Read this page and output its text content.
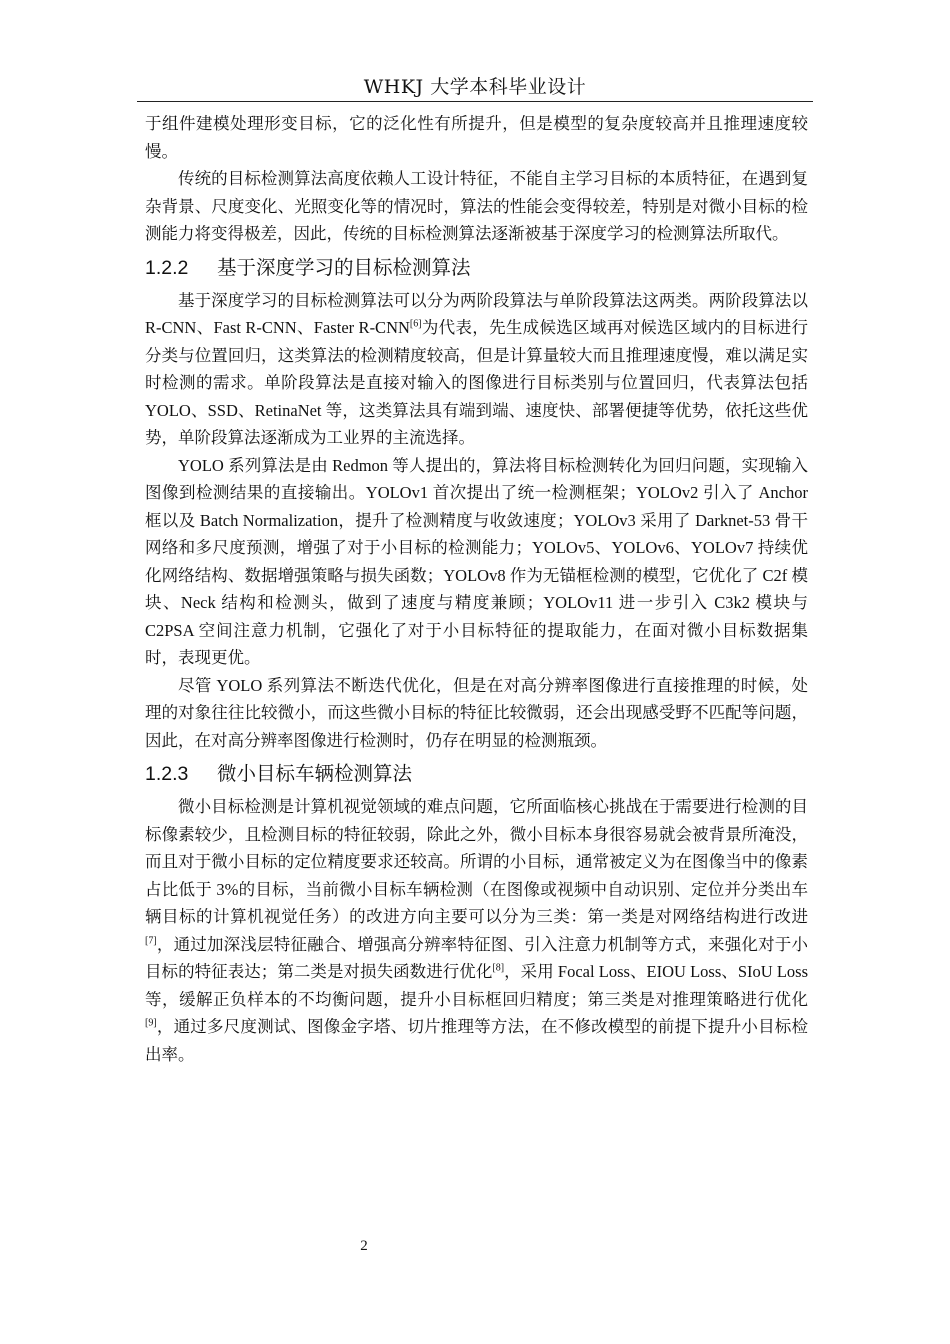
WHKJ 大学本科毕业设计

于组件建模处理形变目标，它的泛化性有所提升，但是模型的复杂度较高并且推理速度较慢。

传统的目标检测算法高度依赖人工设计特征，不能自主学习目标的本质特征，在遇到复杂背景、尺度变化、光照变化等的情况时，算法的性能会变得较差，特别是对微小目标的检测能力将变得极差，因此，传统的目标检测算法逐渐被基于深度学习的检测算法所取代。

1.2.2 基于深度学习的目标检测算法

基于深度学习的目标检测算法可以分为两阶段算法与单阶段算法这两类。两阶段算法以 R-CNN、Fast R-CNN、Faster R-CNN[6]为代表，先生成候选区域再对候选区域内的目标进行分类与位置回归，这类算法的检测精度较高，但是计算量较大而且推理速度慢，难以满足实时检测的需求。单阶段算法是直接对输入的图像进行目标类别与位置回归，代表算法包括 YOLO、SSD、RetinaNet 等，这类算法具有端到端、速度快、部署便捷等优势，依托这些优势，单阶段算法逐渐成为工业界的主流选择。

YOLO 系列算法是由 Redmon 等人提出的，算法将目标检测转化为回归问题，实现输入图像到检测结果的直接输出。YOLOv1 首次提出了统一检测框架；YOLOv2 引入了 Anchor 框以及 Batch Normalization，提升了检测精度与收敛速度；YOLOv3 采用了 Darknet-53 骨干网络和多尺度预测，增强了对于小目标的检测能力；YOLOv5、YOLOv6、YOLOv7 持续优化网络结构、数据增强策略与损失函数；YOLOv8 作为无锚框检测的模型，它优化了 C2f 模块、Neck 结构和检测头，做到了速度与精度兼顾；YOLOv11 进一步引入 C3k2 模块与 C2PSA 空间注意力机制，它强化了对于小目标特征的提取能力，在面对微小目标数据集时，表现更优。

尽管 YOLO 系列算法不断迭代优化，但是在对高分辨率图像进行直接推理的时候，处理的对象往往比较微小，而这些微小目标的特征比较微弱，还会出现感受野不匹配等问题，因此，在对高分辨率图像进行检测时，仍存在明显的检测瓶颈。

1.2.3 微小目标车辆检测算法

微小目标检测是计算机视觉领域的难点问题，它所面临核心挑战在于需要进行检测的目标像素较少，且检测目标的特征较弱，除此之外，微小目标本身很容易就会被背景所淹没，而且对于微小目标的定位精度要求还较高。所谓的小目标，通常被定义为在图像当中的像素占比低于 3%的目标，当前微小目标车辆检测（在图像或视频中自动识别、定位并分类出车辆目标的计算机视觉任务）的改进方向主要可以分为三类：第一类是对网络结构进行改进[7]，通过加深浅层特征融合、增强高分辨率特征图、引入注意力机制等方式，来强化对于小目标的特征表达；第二类是对损失函数进行优化[8]，采用 Focal Loss、EIOU Loss、SIoU Loss 等，缓解正负样本的不均衡问题，提升小目标框回归精度；第三类是对推理策略进行优化[9]，通过多尺度测试、图像金字塔、切片推理等方法，在不修改模型的前提下提升小目标检出率。

2
